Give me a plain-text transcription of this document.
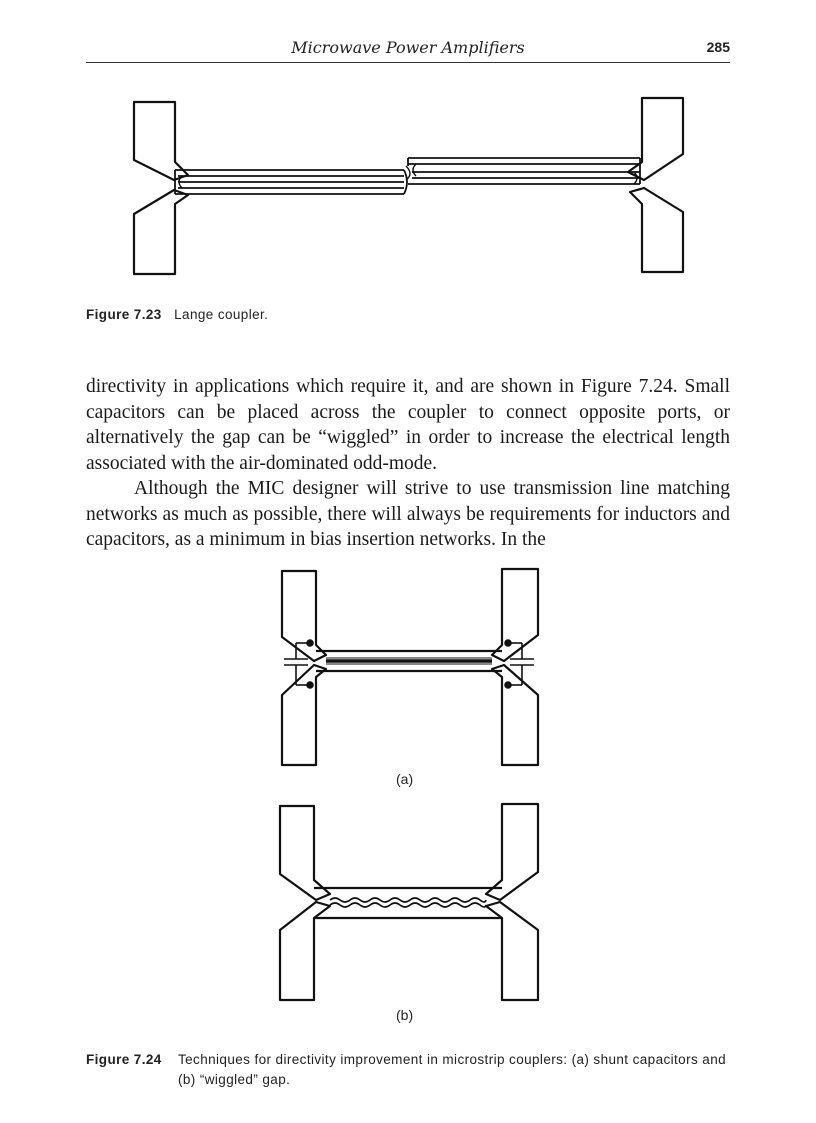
Microwave Power Amplifiers	285
Figure 7.23 Lange coupler.

directivity in applications which require it, and are shown in Figure 7.24. Small capacitors can be placed across the coupler to connect opposite ports, or alternatively the gap can be “wiggled” in order to increase the electrical length associated with the air-dominated odd-mode.

Although the MIC designer will strive to use transmission line matching networks as much as possible, there will always be requirements for inductors and capacitors, as a minimum in bias insertion networks. In the

(a)
(b)
Figure 7.24	Techniques for directivity improvement in microstrip couplers: (a) shunt capacitors and (b) “wiggled” gap.
